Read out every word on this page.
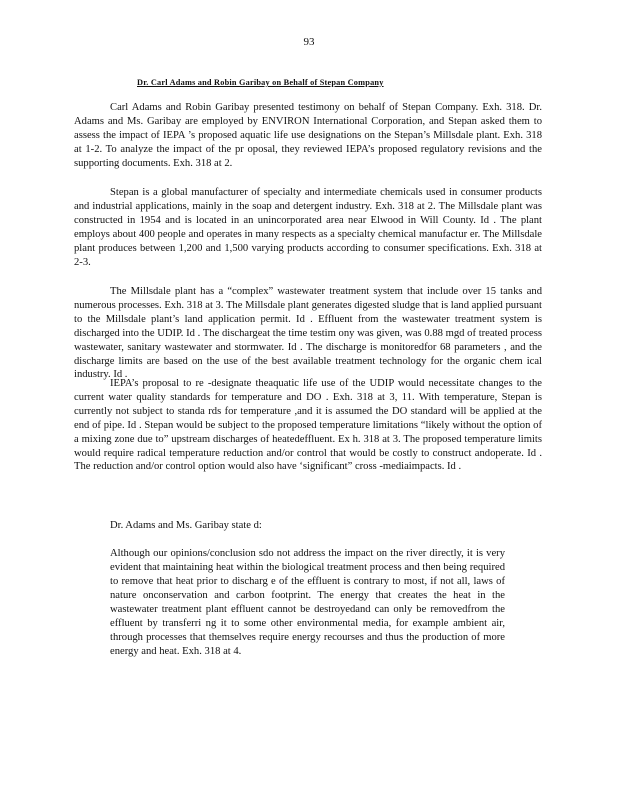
93
Dr. Carl Adams and Robin Garibay on Behalf of Stepan Company

Carl Adams and Robin Garibay presented testimony on behalf of Stepan Company. Exh. 318. Dr. Adams and Ms. Garibay are employed by ENVIRON International Corporation, and Stepan asked them to assess the impact of IEPA ’s proposed aquatic life use designations on the Stepan’s Millsdale plant. Exh. 318 at 1-2. To analyze the impact of the pr oposal, they reviewed IEPA’s proposed regulatory revisions and the supporting documents. Exh. 318 at 2.

Stepan is a global manufacturer of specialty and intermediate chemicals used in consumer products and industrial applications, mainly in the soap and detergent industry. Exh. 318 at 2. The Millsdale plant was constructed in 1954 and is located in an unincorporated area near Elwood in Will County. Id . The plant employs about 400 people and operates in many respects as a specialty chemical manufactur er. The Millsdale plant produces between 1,200 and 1,500 varying products according to consumer specifications. Exh. 318 at 2-3.

The Millsdale plant has a “complex” wastewater treatment system that include over 15 tanks and numerous processes. Exh. 318 at 3. The Millsdale plant generates digested sludge that is land applied pursuant to the Millsdale plant’s land application permit. Id . Effluent from the wastewater treatment system is discharged into the UDIP. Id . The dischargeat the time testim ony was given, was 0.88 mgd of treated process wastewater, sanitary wastewater and stormwater. Id . The discharge is monitoredfor 68 parameters , and the discharge limits are based on the use of the best available treatment technology for the organic chem ical industry. Id .

IEPA’s proposal to re -designate theaquatic life use of the UDIP would necessitate changes to the current water quality standards for temperature and DO . Exh. 318 at 3, 11. With temperature, Stepan is currently not subject to standa rds for temperature ,and it is assumed the DO standard will be applied at the end of pipe. Id . Stepan would be subject to the proposed temperature limitations “likely without the option of a mixing zone due to” upstream discharges of heatedeffluent. Ex h. 318 at 3. The proposed temperature limits would require radical temperature reduction and/or control that would be costly to construct andoperate. Id . The reduction and/or control option would also have ‘significant” cross -mediaimpacts. Id .

Dr. Adams and Ms. Garibay state d:

Although our opinions/conclusion sdo not address the impact on the river directly, it is very evident that maintaining heat within the biological treatment process and then being required to remove that heat prior to discharg e of the effluent is contrary to most, if not all, laws of nature onconservation and carbon footprint. The energy that creates the heat in the wastewater treatment plant effluent cannot be destroyedand can only be removedfrom the effluent by transferri ng it to some other environmental media, for example ambient air, through processes that themselves require energy recourses and thus the production of more energy and heat. Exh. 318 at 4.
